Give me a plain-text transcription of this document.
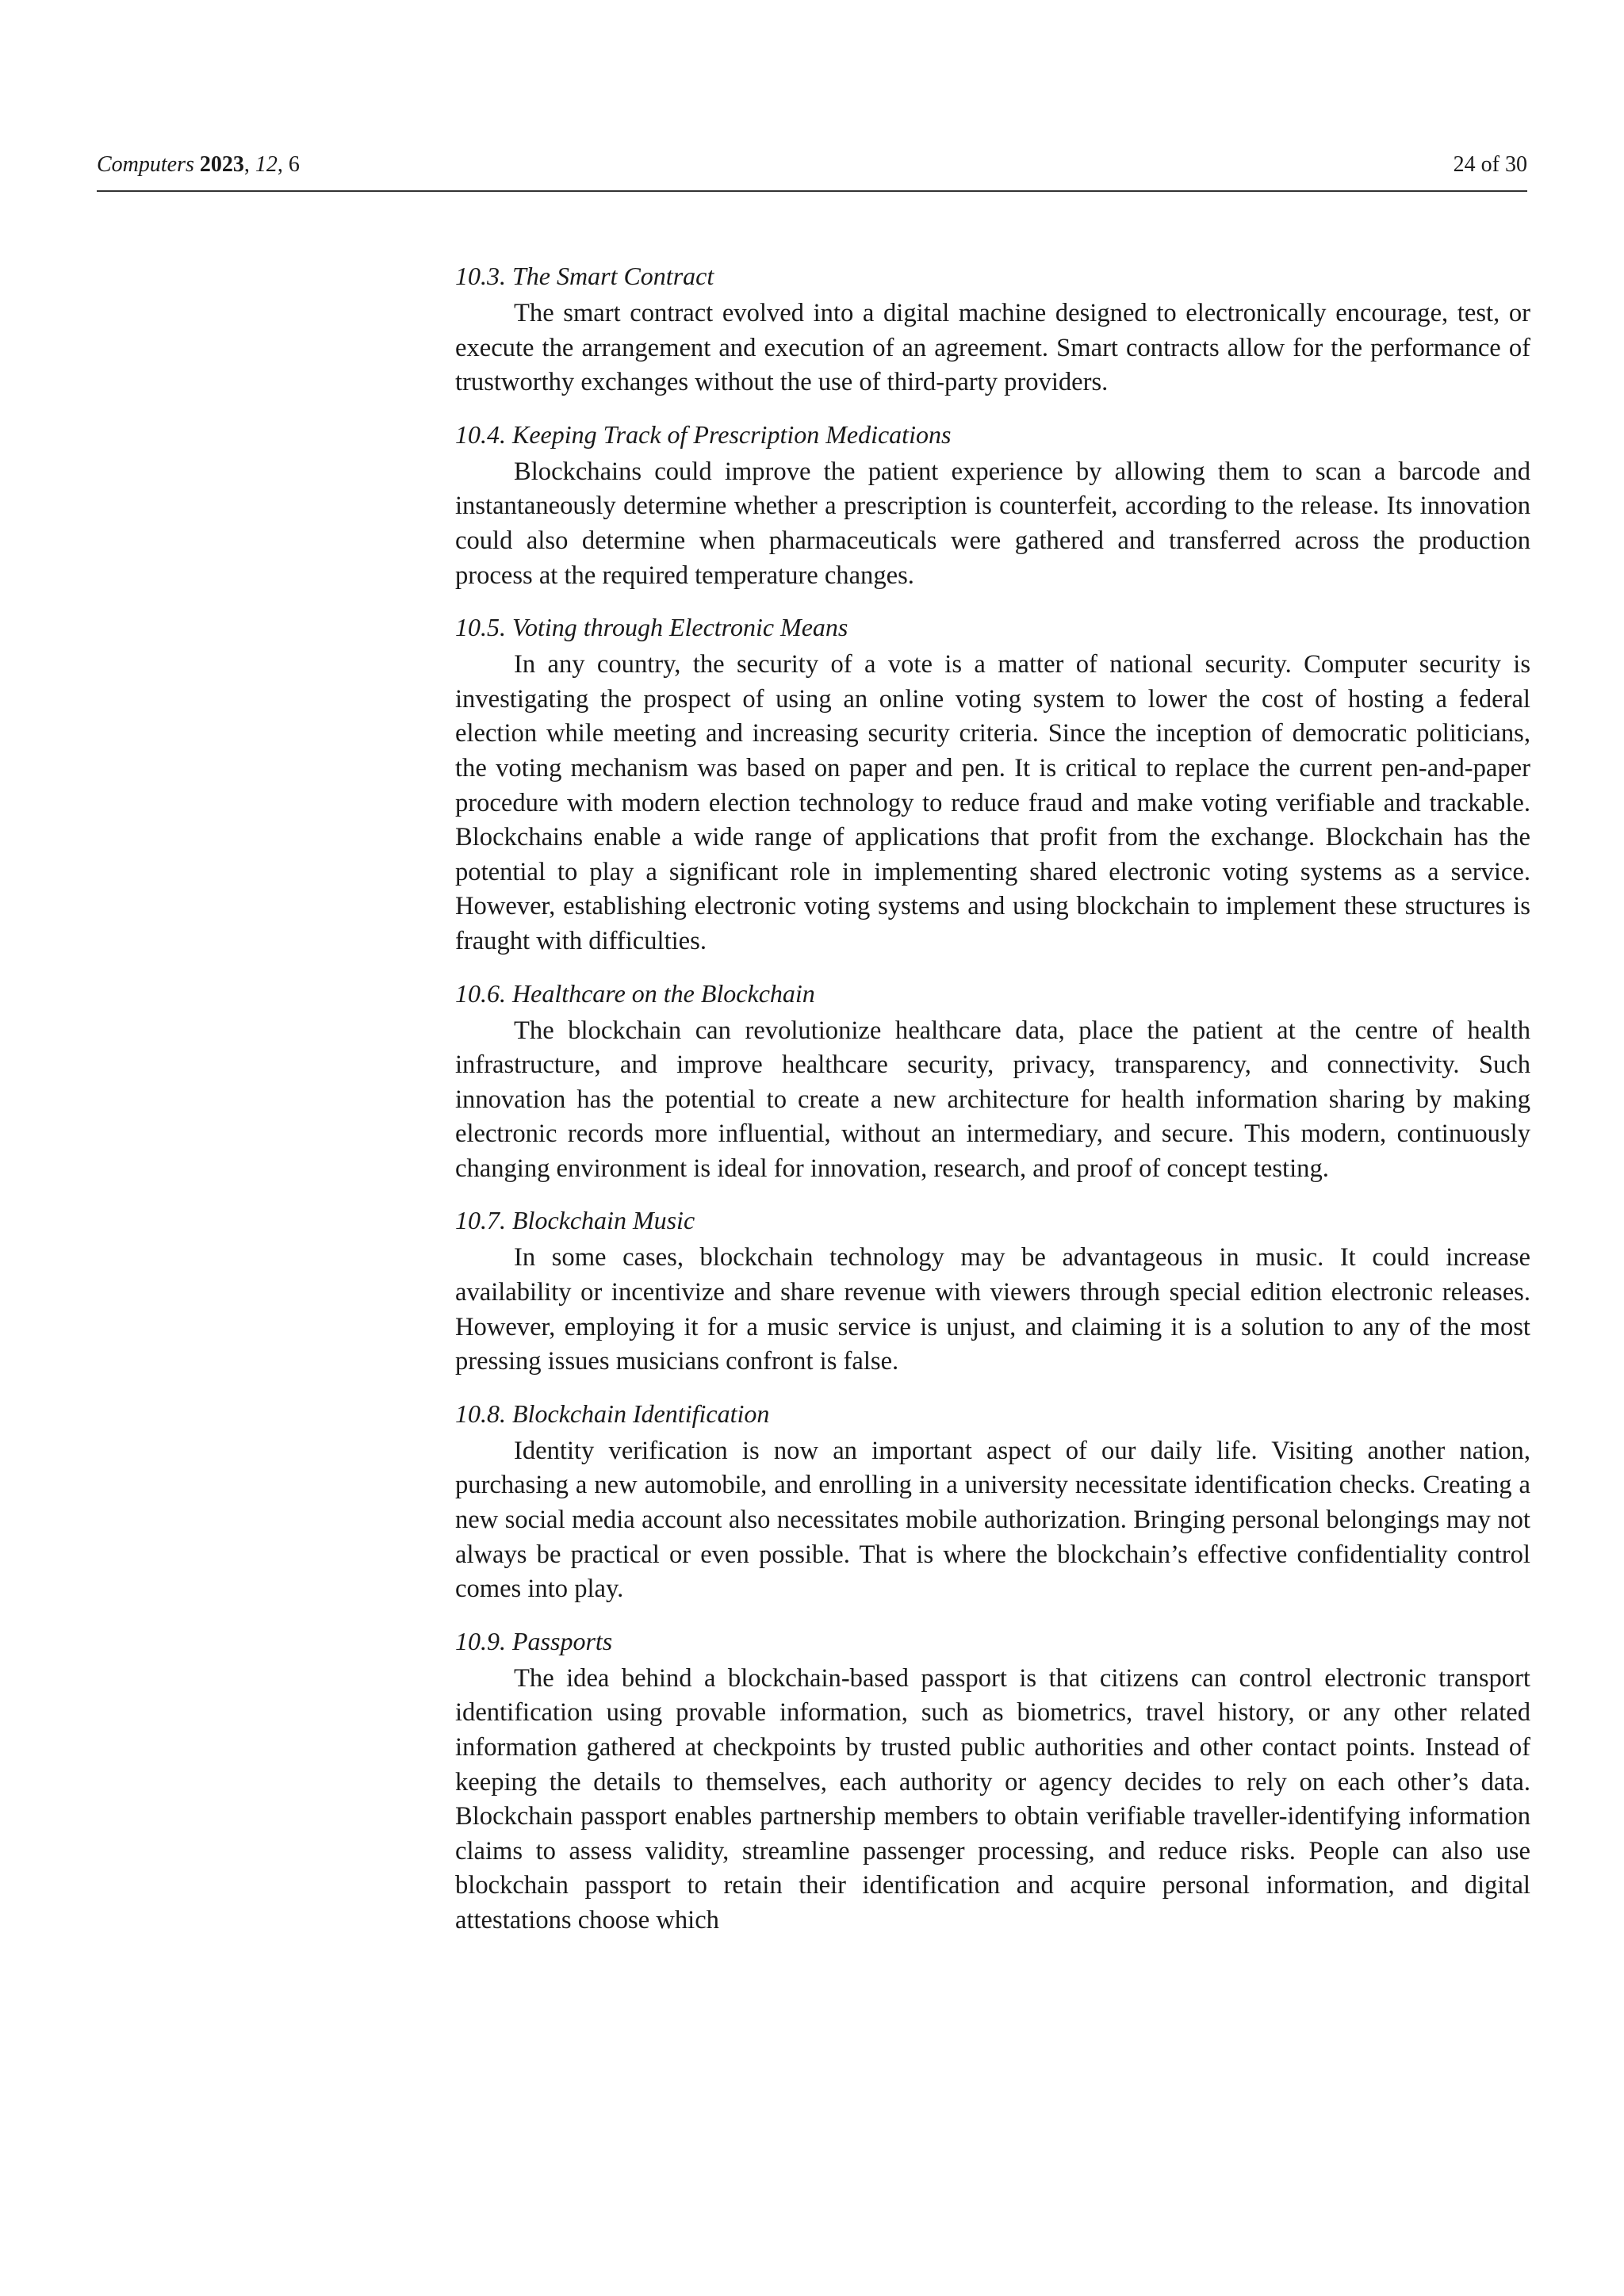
Computers 2023, 12, 6	24 of 30
10.3. The Smart Contract

The smart contract evolved into a digital machine designed to electronically encourage, test, or execute the arrangement and execution of an agreement. Smart contracts allow for the performance of trustworthy exchanges without the use of third-party providers.

10.4. Keeping Track of Prescription Medications

Blockchains could improve the patient experience by allowing them to scan a barcode and instantaneously determine whether a prescription is counterfeit, according to the release. Its innovation could also determine when pharmaceuticals were gathered and transferred across the production process at the required temperature changes.

10.5. Voting through Electronic Means

In any country, the security of a vote is a matter of national security. Computer security is investigating the prospect of using an online voting system to lower the cost of hosting a federal election while meeting and increasing security criteria. Since the inception of democratic politicians, the voting mechanism was based on paper and pen. It is critical to replace the current pen-and-paper procedure with modern election technology to reduce fraud and make voting verifiable and trackable. Blockchains enable a wide range of applications that profit from the exchange. Blockchain has the potential to play a significant role in implementing shared electronic voting systems as a service. However, establishing electronic voting systems and using blockchain to implement these structures is fraught with difficulties.

10.6. Healthcare on the Blockchain

The blockchain can revolutionize healthcare data, place the patient at the centre of health infrastructure, and improve healthcare security, privacy, transparency, and connectivity. Such innovation has the potential to create a new architecture for health information sharing by making electronic records more influential, without an intermediary, and secure. This modern, continuously changing environment is ideal for innovation, research, and proof of concept testing.

10.7. Blockchain Music

In some cases, blockchain technology may be advantageous in music. It could increase availability or incentivize and share revenue with viewers through special edition electronic releases. However, employing it for a music service is unjust, and claiming it is a solution to any of the most pressing issues musicians confront is false.

10.8. Blockchain Identification

Identity verification is now an important aspect of our daily life. Visiting another nation, purchasing a new automobile, and enrolling in a university necessitate identification checks. Creating a new social media account also necessitates mobile authorization. Bringing personal belongings may not always be practical or even possible. That is where the blockchain’s effective confidentiality control comes into play.

10.9. Passports

The idea behind a blockchain-based passport is that citizens can control electronic transport identification using provable information, such as biometrics, travel history, or any other related information gathered at checkpoints by trusted public authorities and other contact points. Instead of keeping the details to themselves, each authority or agency decides to rely on each other’s data. Blockchain passport enables partnership members to obtain verifiable traveller-identifying information claims to assess validity, streamline passenger processing, and reduce risks. People can also use blockchain passport to retain their identification and acquire personal information, and digital attestations choose which
